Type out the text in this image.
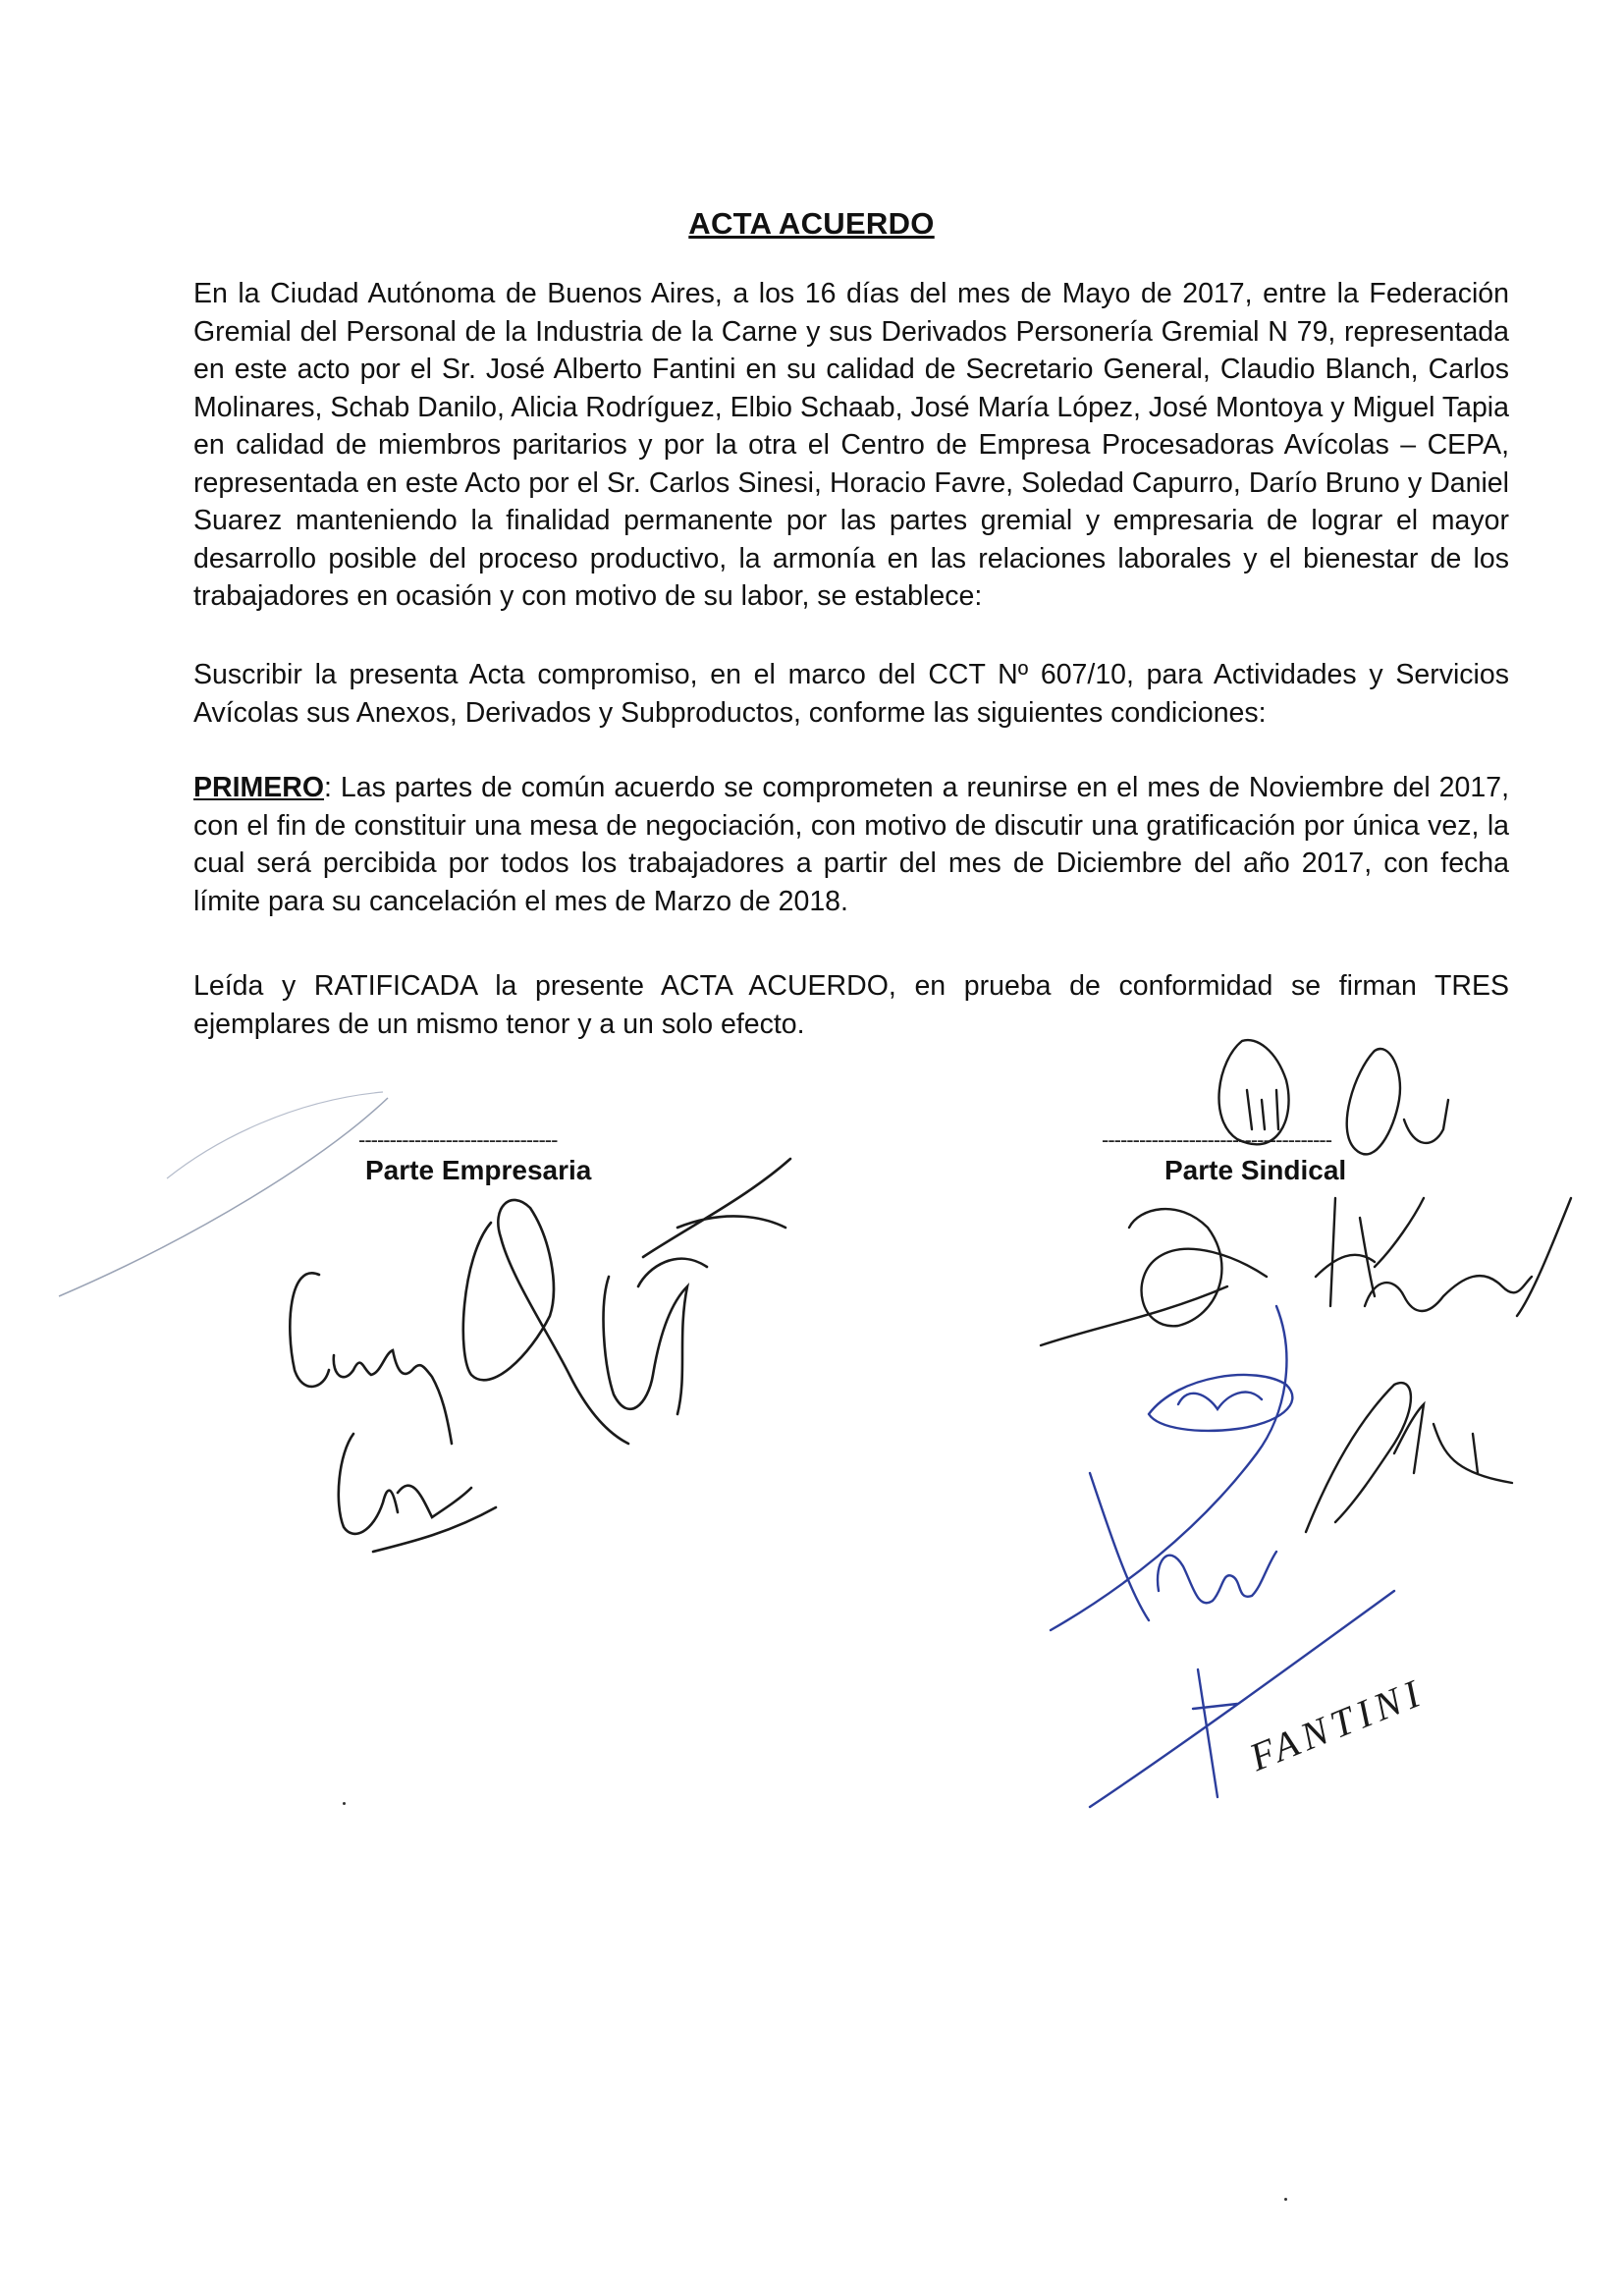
ACTA ACUERDO
En la Ciudad Autónoma de Buenos Aires, a los 16 días del mes de Mayo de 2017, entre la Federación Gremial del Personal de la Industria de la Carne y sus Derivados Personería Gremial N 79, representada en este acto por el Sr. José Alberto Fantini en su calidad de Secretario General, Claudio Blanch, Carlos Molinares, Schab Danilo, Alicia Rodríguez, Elbio Schaab, José María López, José Montoya y Miguel Tapia en calidad de miembros paritarios y por la otra el Centro de Empresa Procesadoras Avícolas – CEPA, representada en este Acto por el Sr. Carlos Sinesi, Horacio Favre, Soledad Capurro, Darío Bruno y Daniel Suarez manteniendo la finalidad permanente por las partes gremial y empresaria de lograr el mayor desarrollo posible del proceso productivo, la armonía en las relaciones laborales y el bienestar de los trabajadores en ocasión y con motivo de su labor, se establece:
Suscribir la presenta Acta compromiso, en el marco del CCT Nº 607/10, para Actividades y Servicios Avícolas sus Anexos, Derivados y Subproductos, conforme las siguientes condiciones:
PRIMERO: Las partes de común acuerdo se comprometen a reunirse en el mes de Noviembre del 2017, con el fin de constituir una mesa de negociación, con motivo de discutir una gratificación por única vez, la cual será percibida por todos los trabajadores a partir del mes de Diciembre del año 2017, con fecha límite para su cancelación el mes de Marzo de 2018.
Leída y RATIFICADA la presente ACTA ACUERDO, en prueba de conformidad se firman TRES ejemplares de un mismo tenor y a un solo efecto.
--------------------------------
Parte Empresaria
-------------------------------------
Parte Sindical
FANTINI
